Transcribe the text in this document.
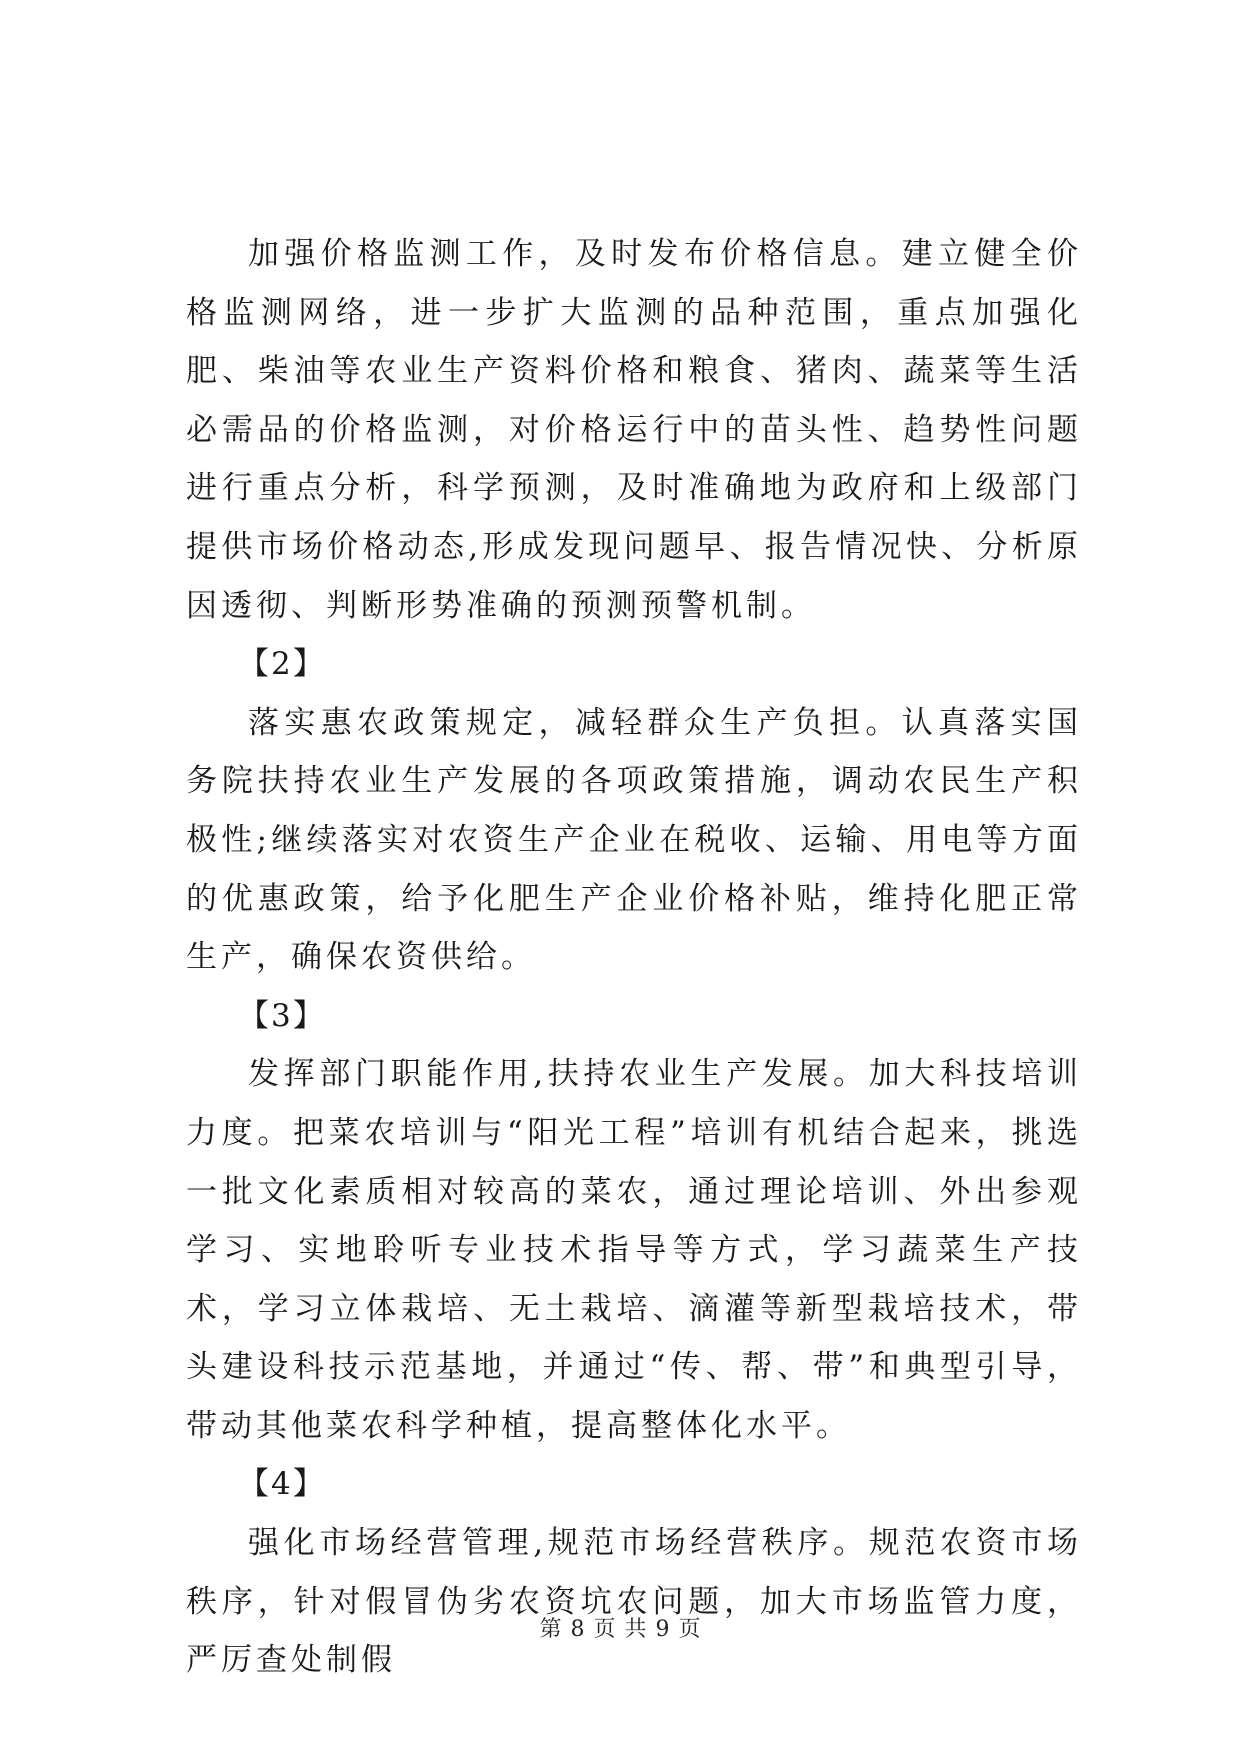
加强价格监测工作，及时发布价格信息。建立健全价格监测网络，进一步扩大监测的品种范围，重点加强化肥、柴油等农业生产资料价格和粮食、猪肉、蔬菜等生活必需品的价格监测，对价格运行中的苗头性、趋势性问题进行重点分析，科学预测，及时准确地为政府和上级部门提供市场价格动态,形成发现问题早、报告情况快、分析原因透彻、判断形势准确的预测预警机制。

【2】

落实惠农政策规定，减轻群众生产负担。认真落实国务院扶持农业生产发展的各项政策措施，调动农民生产积极性;继续落实对农资生产企业在税收、运输、用电等方面的优惠政策，给予化肥生产企业价格补贴，维持化肥正常生产，确保农资供给。

【3】

发挥部门职能作用,扶持农业生产发展。加大科技培训力度。把菜农培训与“阳光工程”培训有机结合起来，挑选一批文化素质相对较高的菜农，通过理论培训、外出参观学习、实地聆听专业技术指导等方式，学习蔬菜生产技术，学习立体栽培、无土栽培、滴灌等新型栽培技术，带头建设科技示范基地，并通过“传、帮、带”和典型引导，带动其他菜农科学种植，提高整体化水平。

【4】

强化市场经营管理,规范市场经营秩序。规范农资市场秩序，针对假冒伪劣农资坑农问题，加大市场监管力度，严厉查处制假

第 8 页 共 9 页
